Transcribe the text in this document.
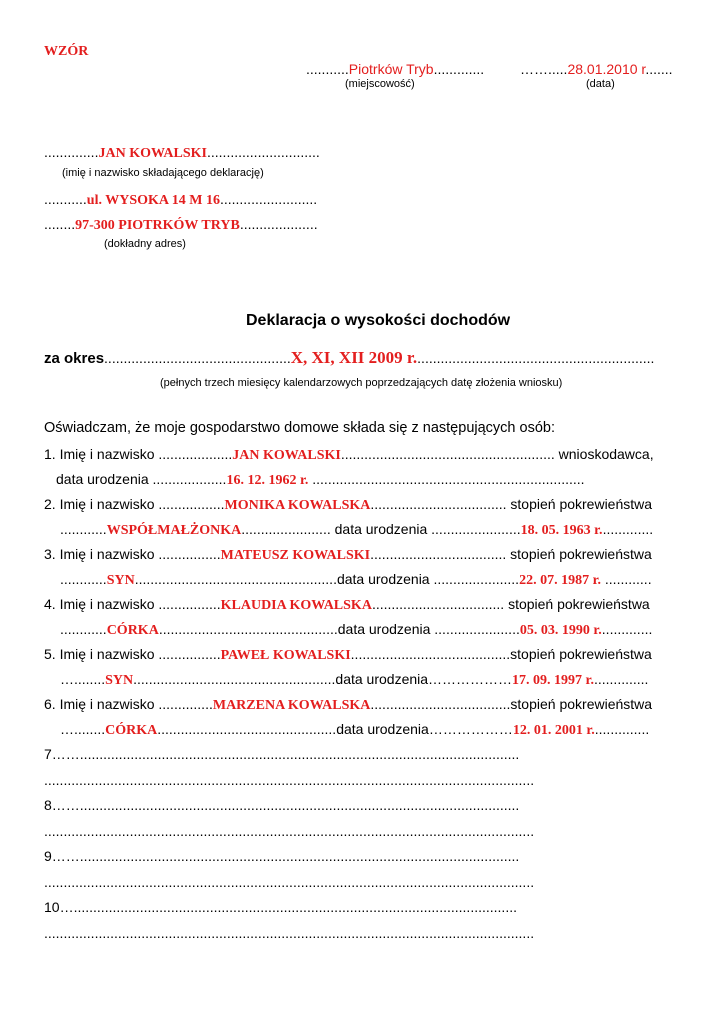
WZÓR
...........Piotrków Tryb.............	…….....28.01.2010 r.......
(miejscowość)	(data)
..............JAN KOWALSKI.............................
(imię i nazwisko składającego deklarację)
...........ul. WYSOKA 14 M 16.........................
........97-300 PIOTRKÓW TRYB....................
(dokładny adres)
Deklaracja o wysokości dochodów
za okres................................................X, XI, XII 2009 r..............................................................
(pełnych trzech miesięcy kalendarzowych poprzedzających datę złożenia wniosku)
Oświadczam, że moje gospodarstwo domowe składa się z następujących osób:
1. Imię i nazwisko ...................JAN KOWALSKI....................................................... wnioskodawca,
data urodzenia ...................16. 12. 1962 r. ......................................................................
2. Imię i nazwisko .................MONIKA KOWALSKA................................... stopień pokrewieństwa
............WSPÓŁMAŁŻONKA....................... data urodzenia .......................18. 05. 1963 r..............
3. Imię i nazwisko ................MATEUSZ KOWALSKI................................... stopień pokrewieństwa
............SYN....................................................data urodzenia ......................22. 07. 1987 r. ............
4. Imię i nazwisko ................KLAUDIA KOWALSKA.................................. stopień pokrewieństwa
............CÓRKA..............................................data urodzenia ......................05. 03. 1990 r..............
5. Imię i nazwisko ................PAWEŁ KOWALSKI.........................................stopień pokrewieństwa
…........SYN....................................................data urodzenia………………17. 09. 1997 r...............
6. Imię i nazwisko ..............MARZENA KOWALSKA....................................stopień pokrewieństwa
…........CÓRKA..............................................data urodzenia………………12. 01. 2001 r...............
7…….................................................................................................................
..............................................................................................................................
8…….................................................................................................................
..............................................................................................................................
9…….................................................................................................................
..............................................................................................................................
10…..................................................................................................................
..............................................................................................................................
